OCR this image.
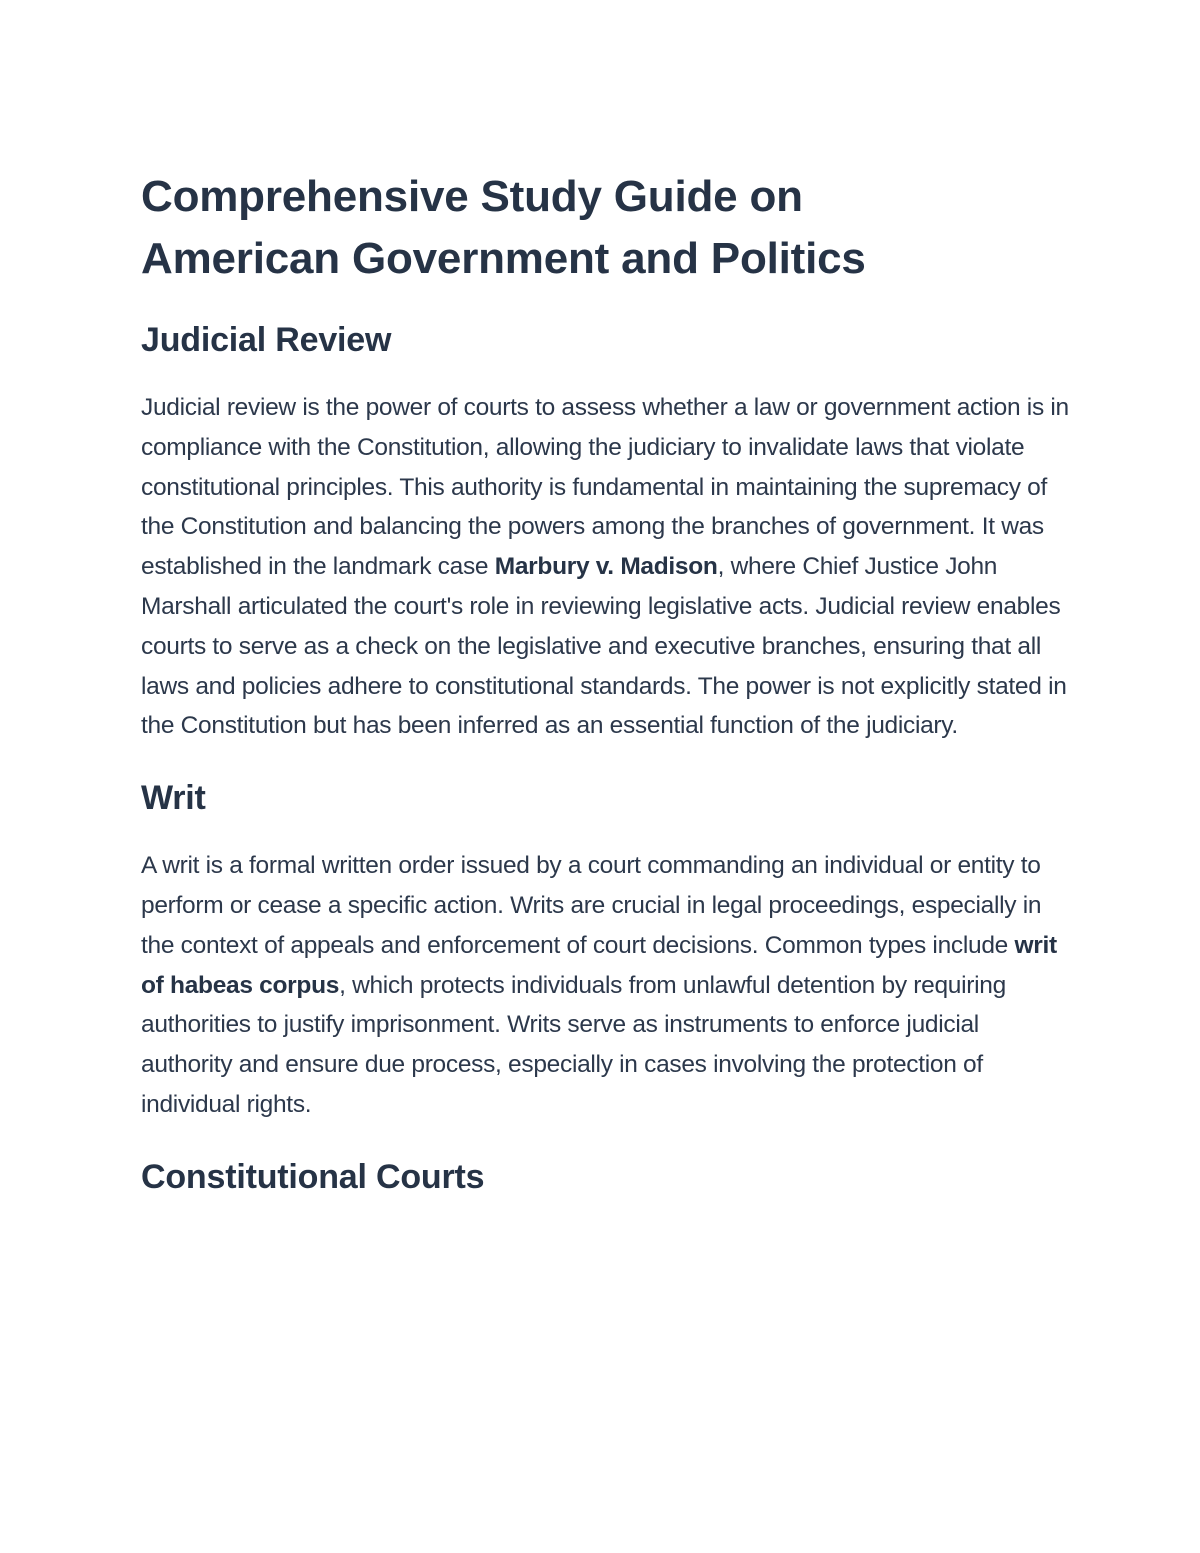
Comprehensive Study Guide on
American Government and Politics
Judicial Review

Judicial review is the power of courts to assess whether a law or government action is in compliance with the Constitution, allowing the judiciary to invalidate laws that violate constitutional principles. This authority is fundamental in maintaining the supremacy of the Constitution and balancing the powers among the branches of government. It was established in the landmark case Marbury v. Madison, where Chief Justice John Marshall articulated the court's role in reviewing legislative acts. Judicial review enables courts to serve as a check on the legislative and executive branches, ensuring that all laws and policies adhere to constitutional standards. The power is not explicitly stated in the Constitution but has been inferred as an essential function of the judiciary.

Writ

A writ is a formal written order issued by a court commanding an individual or entity to perform or cease a specific action. Writs are crucial in legal proceedings, especially in the context of appeals and enforcement of court decisions. Common types include writ of habeas corpus, which protects individuals from unlawful detention by requiring authorities to justify imprisonment. Writs serve as instruments to enforce judicial authority and ensure due process, especially in cases involving the protection of individual rights.

Constitutional Courts
